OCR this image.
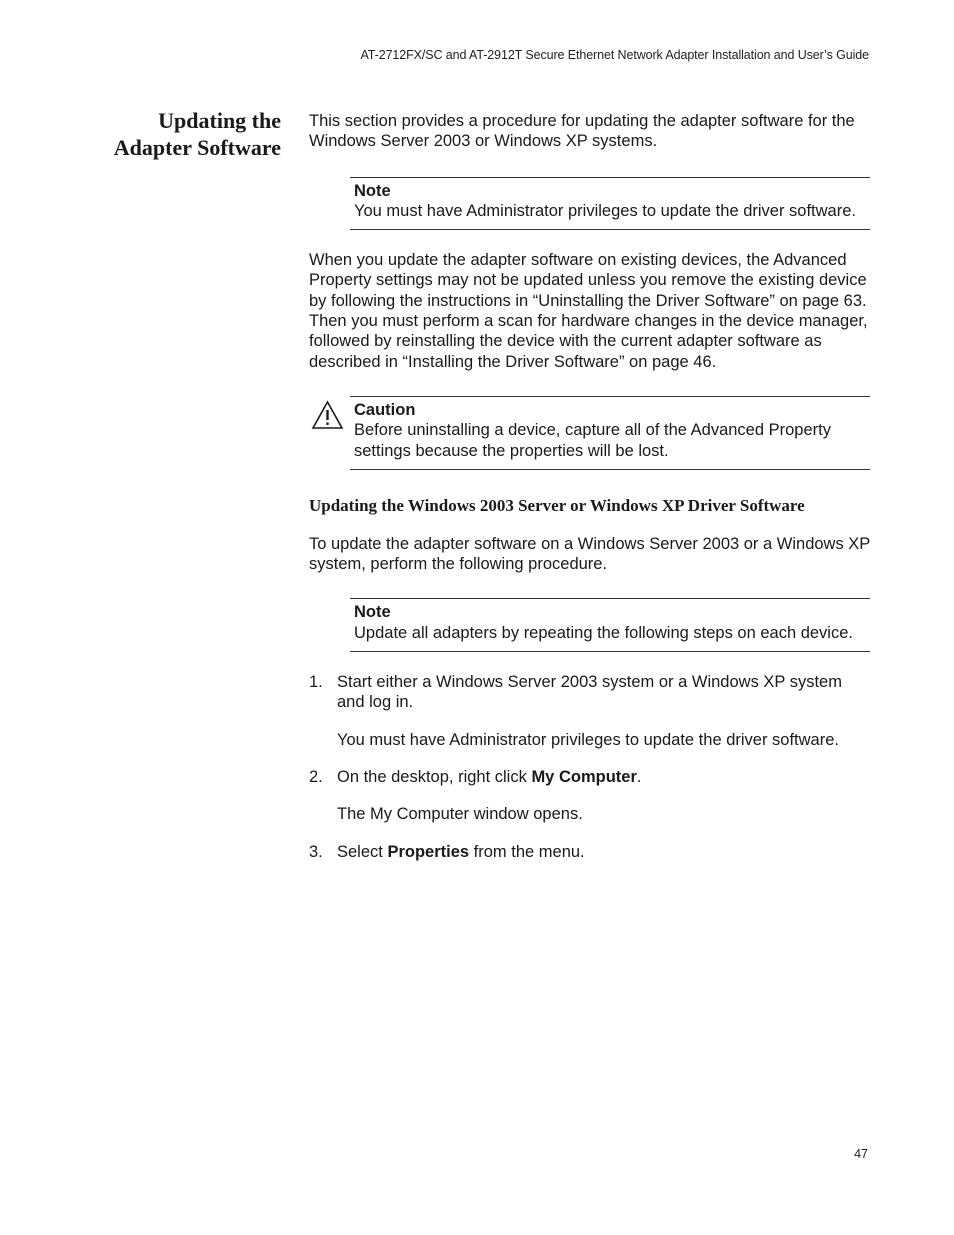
AT-2712FX/SC and AT-2912T Secure Ethernet Network Adapter Installation and User’s Guide
Updating the
Adapter Software

This section provides a procedure for updating the adapter software for the Windows Server 2003 or Windows XP systems.

Note
You must have Administrator privileges to update the driver software.

When you update the adapter software on existing devices, the Advanced Property settings may not be updated unless you remove the existing device by following the instructions in “Uninstalling the Driver Software” on page 63. Then you must perform a scan for hardware changes in the device manager, followed by reinstalling the device with the current adapter software as described in “Installing the Driver Software” on page 46.

Caution
Before uninstalling a device, capture all of the Advanced Property settings because the properties will be lost.

Updating the Windows 2003 Server or Windows XP Driver Software

To update the adapter software on a Windows Server 2003 or a Windows XP system, perform the following procedure.

Note
Update all adapters by repeating the following steps on each device.
1. Start either a Windows Server 2003 system or a Windows XP system and log in.

You must have Administrator privileges to update the driver software.

2. On the desktop, right click My Computer.

The My Computer window opens.

3. Select Properties from the menu.

47
